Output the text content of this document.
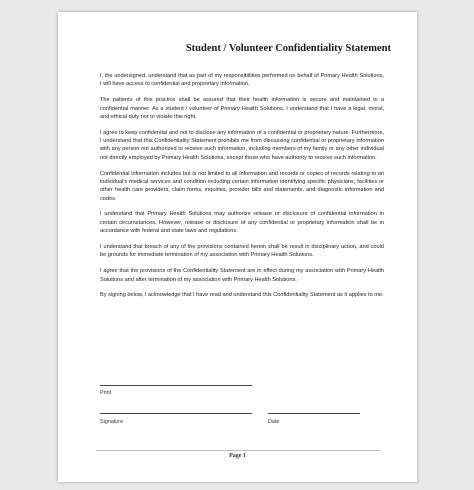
Student / Volunteer Confidentiality Statement

I, the undersigned, understand that as part of my responsibilities performed on behalf of Primary Health Solutions, I will have access to confidential and proprietary information.

The patients of this practice shall be assured that their health information is secure and maintained in a confidential manner. As a student / volunteer of Primary Health Solutions, I understand that I have a legal, moral, and ethical duty not to violate this right.

I agree to keep confidential and not to disclose any information of a confidential or proprietary nature. Furthermore, I understand that this Confidentiality Statement prohibits me from discussing confidential or proprietary information with any person not authorized to receive such information, including members of my family or any other individual not directly employed by Primary Health Solutions, except those who have authority to receive such information.

Confidential information includes but is not limited to all information and records or copies of records relating to an individual's medical services and condition including certain information identifying specific physicians, facilities or other health care providers, claim forms, inquiries, provider bills and statements, and diagnostic information and codes.

I understand that Primary Health Solutions may authorize release or disclosure of confidential information in certain circumstances. However, release or disclosure of any confidential or proprietary information shall be in accordance with federal and state laws and regulations.

I understand that breach of any of the provisions contained herein shall be result in disciplinary action, and could be grounds for immediate termination of my association with Primary Health Solutions.

I agree that the provisions of the Confidentiality Statement are in effect during my association with Primary Health Solutions and after termination of my association with Primary Health Solutions.

By signing below, I acknowledge that I have read and understand this Confidentiality Statement as it applies to me.

Print
Signature	Date
Page 1
